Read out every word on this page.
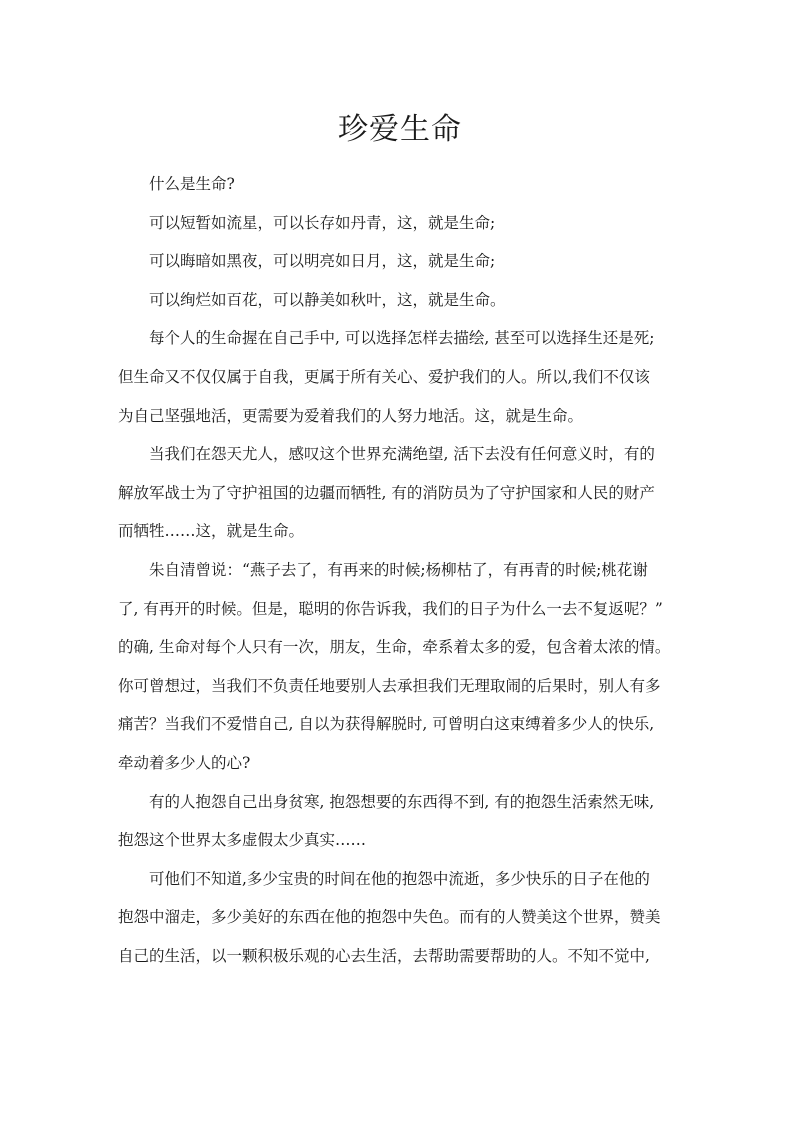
珍爱生命

什么是生命?

可以短暂如流星，可以长存如丹青，这，就是生命;

可以晦暗如黑夜，可以明亮如日月，这，就是生命;

可以绚烂如百花，可以静美如秋叶，这，就是生命。

每个人的生命握在自己手中, 可以选择怎样去描绘, 甚至可以选择生还是死;

但生命又不仅仅属于自我，更属于所有关心、爱护我们的人。所以,我们不仅该

为自己坚强地活，更需要为爱着我们的人努力地活。这，就是生命。

当我们在怨天尤人，感叹这个世界充满绝望, 活下去没有任何意义时，有的

解放军战士为了守护祖国的边疆而牺牲, 有的消防员为了守护国家和人民的财产

而牺牲……这，就是生命。

朱自清曾说：“燕子去了，有再来的时候;杨柳枯了，有再青的时候;桃花谢

了, 有再开的时候。但是，聪明的你告诉我，我们的日子为什么一去不复返呢？”

的确, 生命对每个人只有一次，朋友，生命，牵系着太多的爱，包含着太浓的情。

你可曾想过，当我们不负责任地要别人去承担我们无理取闹的后果时，别人有多

痛苦？当我们不爱惜自己, 自以为获得解脱时, 可曾明白这束缚着多少人的快乐,

牵动着多少人的心?

有的人抱怨自己出身贫寒, 抱怨想要的东西得不到, 有的抱怨生活索然无味,

抱怨这个世界太多虚假太少真实……

可他们不知道,多少宝贵的时间在他的抱怨中流逝，多少快乐的日子在他的

抱怨中溜走，多少美好的东西在他的抱怨中失色。而有的人赞美这个世界，赞美

自己的生活，以一颗积极乐观的心去生活，去帮助需要帮助的人。不知不觉中,
